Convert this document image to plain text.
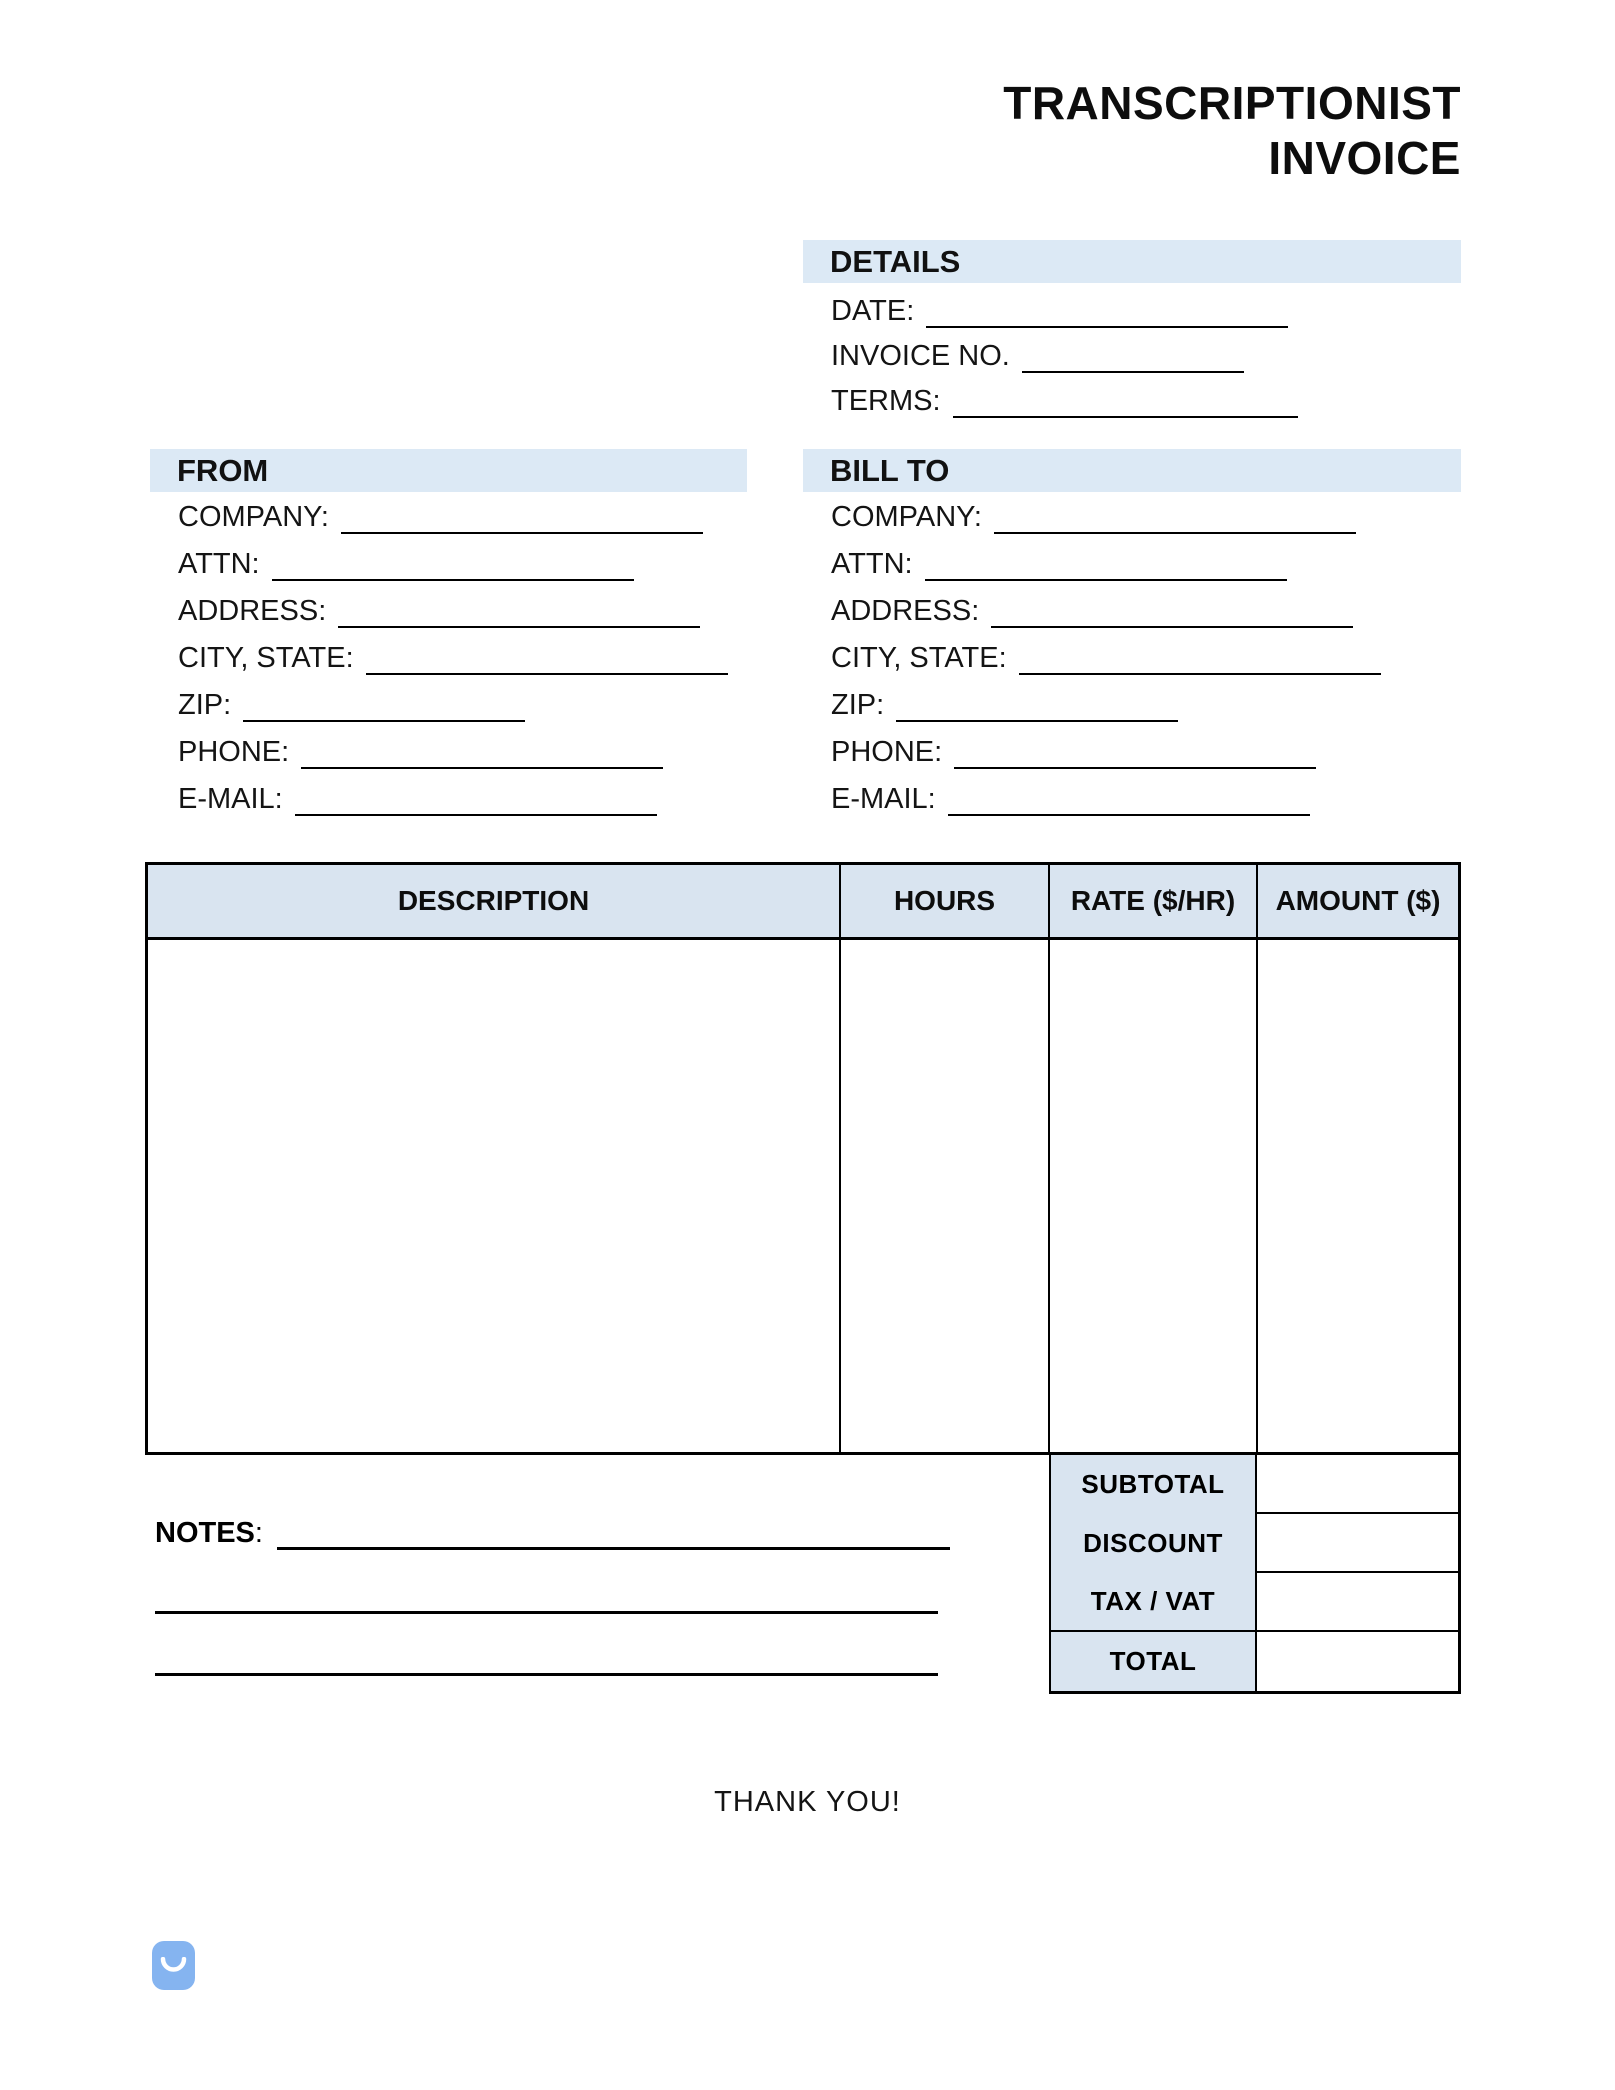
TRANSCRIPTIONIST
INVOICE
DETAILS
DATE:
INVOICE NO.
TERMS:
FROM
COMPANY:
ATTN:
ADDRESS:
CITY, STATE:
ZIP:
PHONE:
E-MAIL:
BILL TO
COMPANY:
ATTN:
ADDRESS:
CITY, STATE:
ZIP:
PHONE:
E-MAIL:
DESCRIPTION	HOURS	RATE ($/HR)	AMOUNT ($)
SUBTOTAL
DISCOUNT
TAX / VAT
TOTAL
NOTES :
THANK YOU!
